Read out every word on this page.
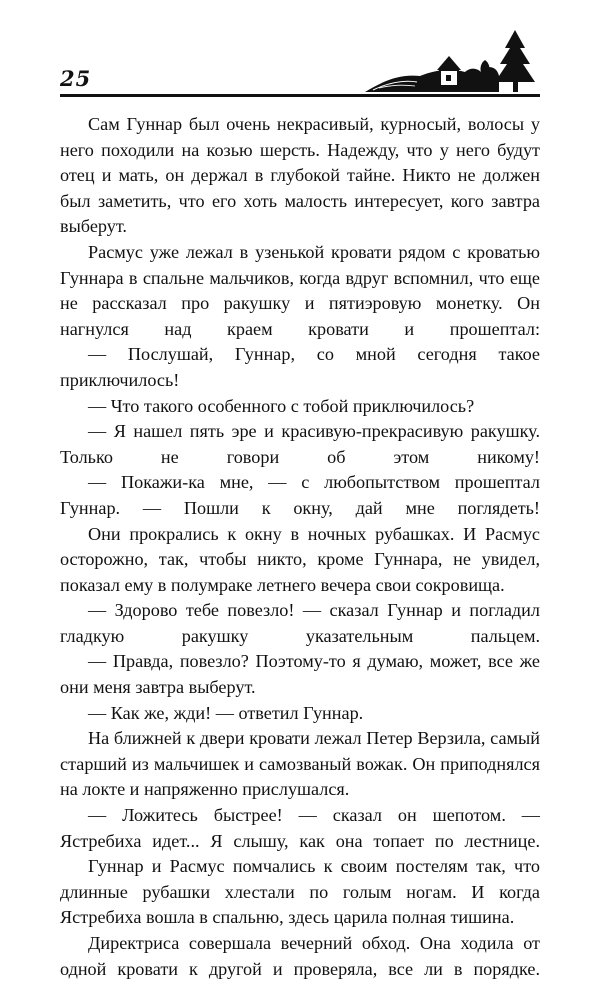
25

Сам Гуннар был очень некрасивый, курносый, волосы у него походили на козью шерсть. Надежду, что у него будут отец и мать, он держал в глубокой тайне. Никто не должен был заметить, что его хоть малость интересует, кого завтра выберут.

Расмус уже лежал в узенькой кровати рядом с кроватью Гуннара в спальне мальчиков, когда вдруг вспомнил, что еще не рассказал про ракушку и пятиэровую монетку. Он нагнулся над краем кровати и прошептал:

— Послушай, Гуннар, со мной сегодня такое приключилось!

— Что такого особенного с тобой приключилось?

— Я нашел пять эре и красивую-прекрасивую ракушку. Только не говори об этом никому!

— Покажи-ка мне, — с любопытством прошептал Гуннар. — Пошли к окну, дай мне поглядеть!

Они прокрались к окну в ночных рубашках. И Расмус осторожно, так, чтобы никто, кроме Гуннара, не увидел, показал ему в полумраке летнего вечера свои сокровища.

— Здорово тебе повезло! — сказал Гуннар и погладил гладкую ракушку указательным пальцем.

— Правда, повезло? Поэтому-то я думаю, может, все же они меня завтра выберут.

— Как же, жди! — ответил Гуннар.

На ближней к двери кровати лежал Петер Верзила, самый старший из мальчишек и самозваный вожак. Он приподнялся на локте и напряженно прислушался.

— Ложитесь быстрее! — сказал он шепотом. — Ястребиха идет... Я слышу, как она топает по лестнице.

Гуннар и Расмус помчались к своим постелям так, что длинные рубашки хлестали по голым ногам. И когда Ястребиха вошла в спальню, здесь царила полная тишина.

Директриса совершала вечерний обход. Она ходила от одной кровати к другой и проверяла, все ли в порядке.
